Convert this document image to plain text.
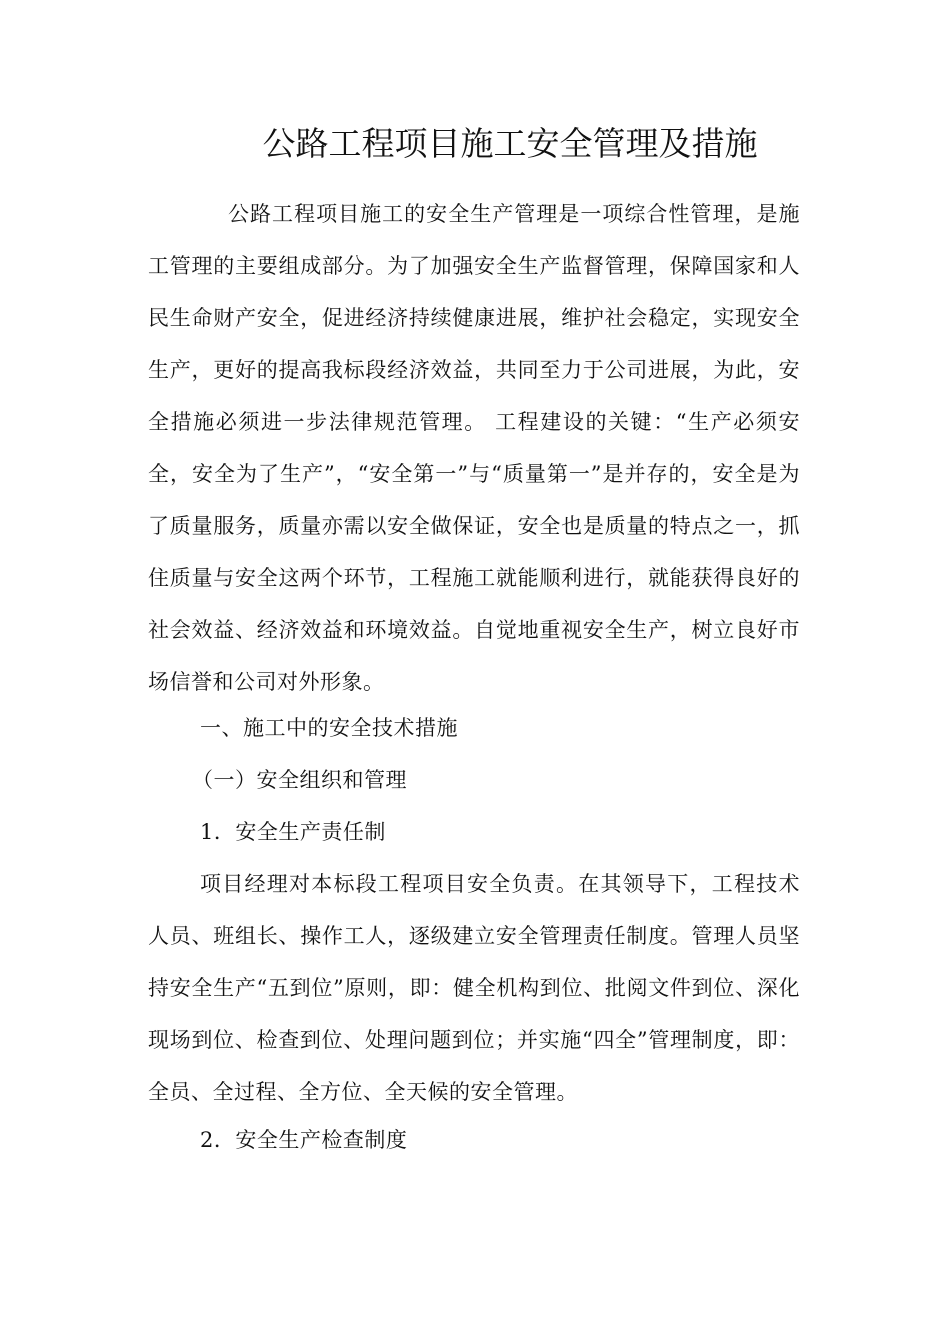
公路工程项目施工安全管理及措施

公路工程项目施工的安全生产管理是一项综合性管理，是施工管理的主要组成部分。为了加强安全生产监督管理，保障国家和人民生命财产安全，促进经济持续健康进展，维护社会稳定，实现安全生产，更好的提高我标段经济效益，共同至力于公司进展，为此，安全措施必须进一步法律规范管理。 工程建设的关键：“生产必须安全，安全为了生产”，“安全第一”与“质量第一”是并存的，安全是为了质量服务，质量亦需以安全做保证，安全也是质量的特点之一，抓住质量与安全这两个环节，工程施工就能顺利进行，就能获得良好的社会效益、经济效益和环境效益。自觉地重视安全生产，树立良好市场信誉和公司对外形象。

一、施工中的安全技术措施

（一）安全组织和管理

1．安全生产责任制

项目经理对本标段工程项目安全负责。在其领导下，工程技术人员、班组长、操作工人，逐级建立安全管理责任制度。管理人员坚持安全生产“五到位”原则，即：健全机构到位、批阅文件到位、深化现场到位、检查到位、处理问题到位；并实施“四全”管理制度，即：全员、全过程、全方位、全天候的安全管理。

2．安全生产检查制度
